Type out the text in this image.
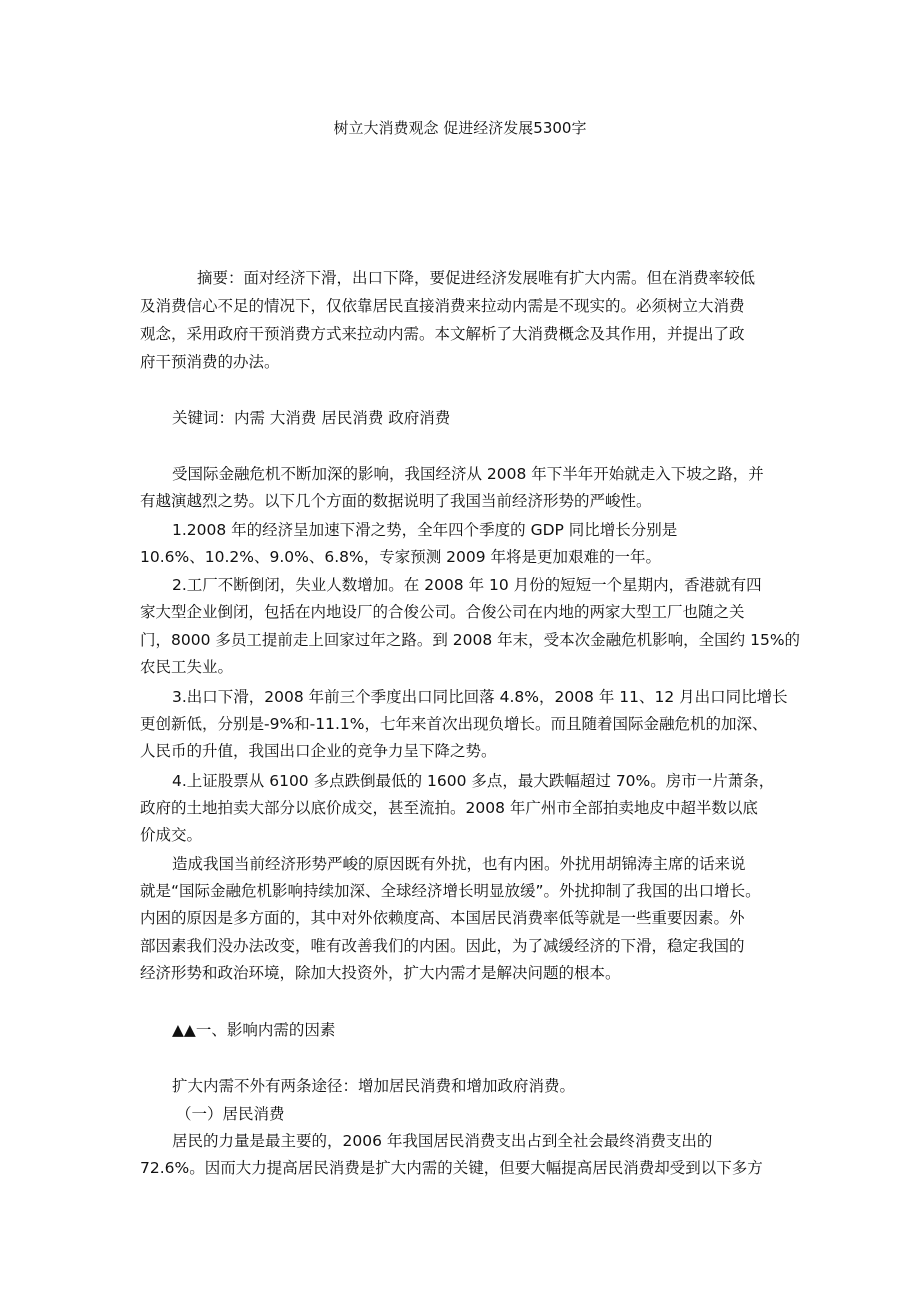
树立大消费观念 促进经济发展5300字

摘要：面对经济下滑，出口下降，要促进经济发展唯有扩大内需。但在消费率较低

及消费信心不足的情况下，仅依靠居民直接消费来拉动内需是不现实的。必须树立大消费

观念，采用政府干预消费方式来拉动内需。本文解析了大消费概念及其作用，并提出了政

府干预消费的办法。

关键词：内需 大消费 居民消费 政府消费

受国际金融危机不断加深的影响，我国经济从 2008 年下半年开始就走入下坡之路，并

有越演越烈之势。以下几个方面的数据说明了我国当前经济形势的严峻性。

1.2008 年的经济呈加速下滑之势，全年四个季度的 GDP 同比增长分别是

10.6%、10.2%、9.0%、6.8%，专家预测 2009 年将是更加艰难的一年。

2.工厂不断倒闭，失业人数增加。在 2008 年 10 月份的短短一个星期内，香港就有四

家大型企业倒闭，包括在内地设厂的合俊公司。合俊公司在内地的两家大型工厂也随之关

门，8000 多员工提前走上回家过年之路。到 2008 年末，受本次金融危机影响，全国约 15%的

农民工失业。

3.出口下滑，2008 年前三个季度出口同比回落 4.8%，2008 年 11、12 月出口同比增长

更创新低，分别是-9%和-11.1%，七年来首次出现负增长。而且随着国际金融危机的加深、

人民币的升值，我国出口企业的竞争力呈下降之势。

4.上证股票从 6100 多点跌倒最低的 1600 多点，最大跌幅超过 70%。房市一片萧条，

政府的土地拍卖大部分以底价成交，甚至流拍。2008 年广州市全部拍卖地皮中超半数以底

价成交。

造成我国当前经济形势严峻的原因既有外扰，也有内困。外扰用胡锦涛主席的话来说

就是“国际金融危机影响持续加深、全球经济增长明显放缓”。外扰抑制了我国的出口增长。

内困的原因是多方面的，其中对外依赖度高、本国居民消费率低等就是一些重要因素。外

部因素我们没办法改变，唯有改善我们的内困。因此，为了减缓经济的下滑，稳定我国的

经济形势和政治环境，除加大投资外，扩大内需才是解决问题的根本。

▲▲一、影响内需的因素

扩大内需不外有两条途径：增加居民消费和增加政府消费。

（一）居民消费

居民的力量是最主要的，2006 年我国居民消费支出占到全社会最终消费支出的

72.6%。因而大力提高居民消费是扩大内需的关键，但要大幅提高居民消费却受到以下多方
